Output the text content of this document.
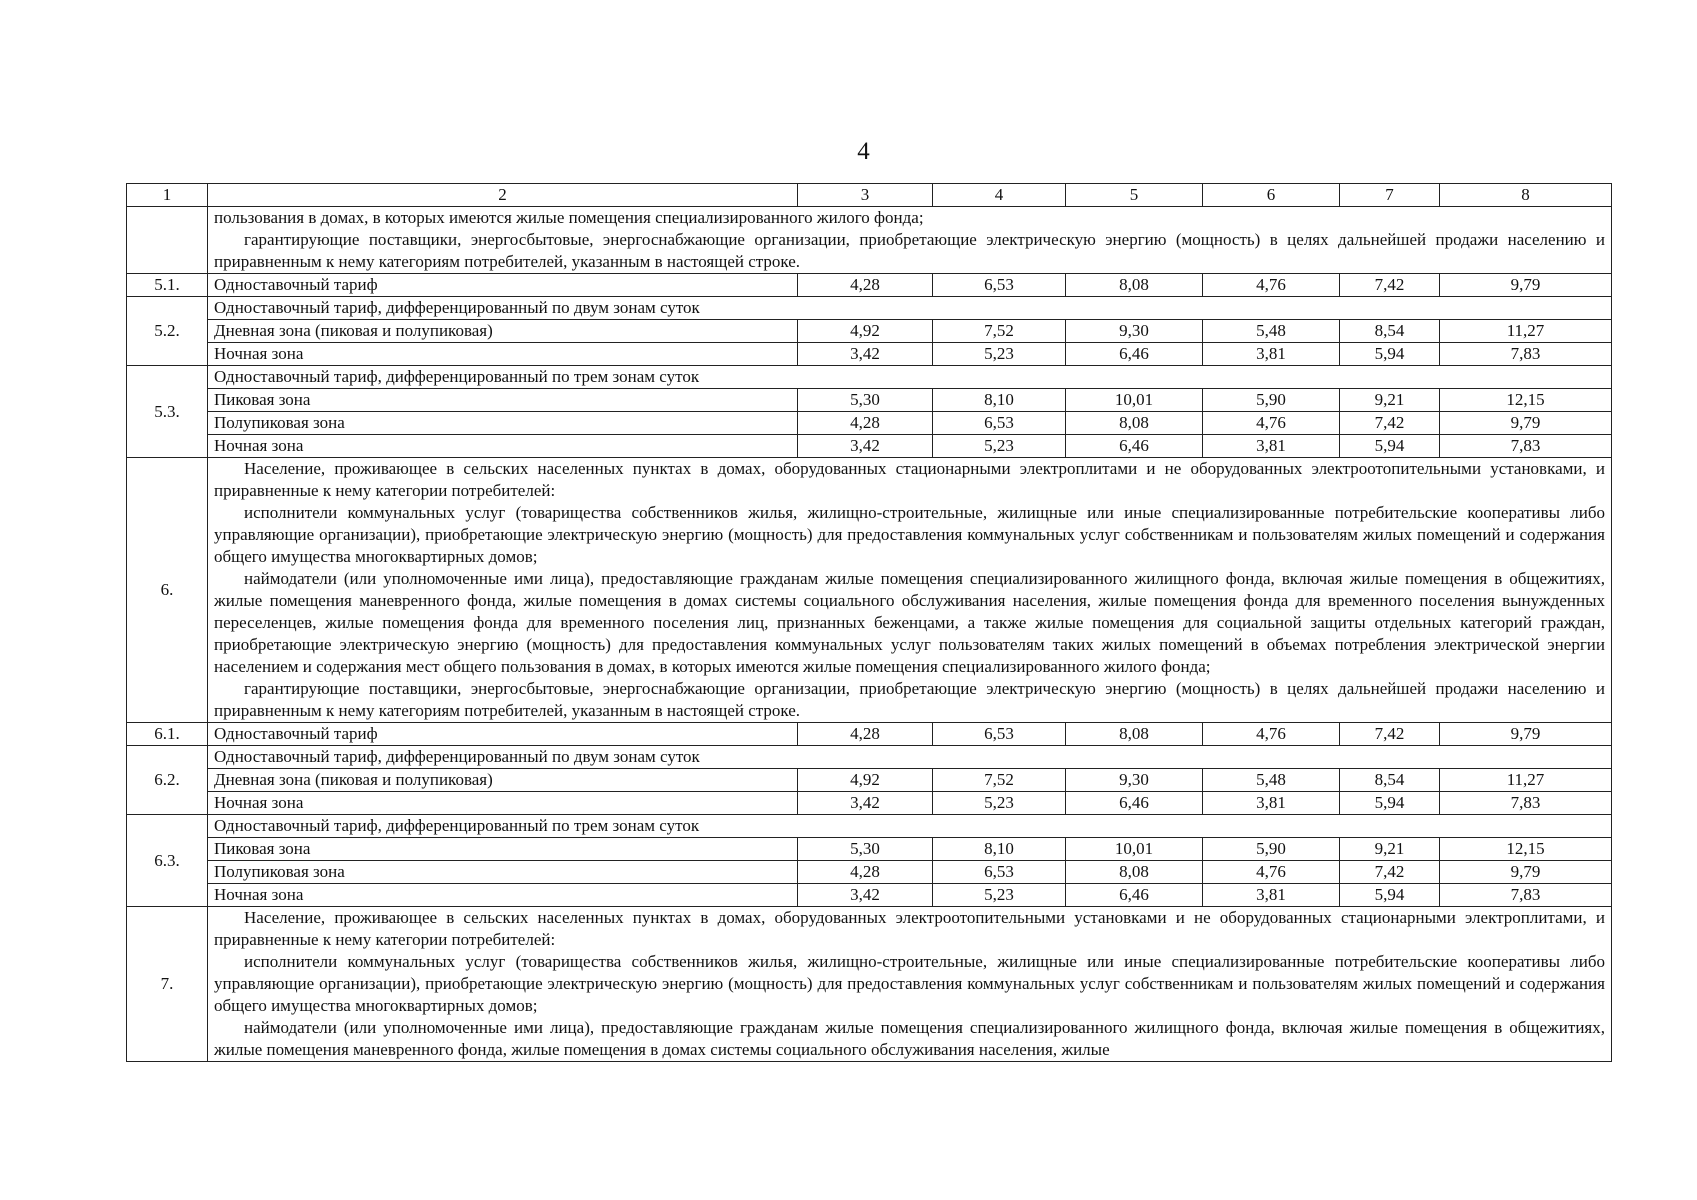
4
1	2	3	4	5	6	7	8

	пользования в домах, в которых имеются жилые помещения специализированного жилого фонда;

гарантирующие поставщики, энергосбытовые, энергоснабжающие организации, приобретающие электрическую энергию (мощность) в целях дальнейшей продажи населению и приравненным к нему категориям потребителей, указанным в настоящей строке.						

5.1.	Одноставочный тариф	4,28	6,53	8,08	4,76	7,42	9,79
5.2.	Одноставочный тариф, дифференцированный по двум зонам суток						
	Дневная зона (пиковая и полупиковая)	4,92	7,52	9,30	5,48	8,54	11,27
	Ночная зона	3,42	5,23	6,46	3,81	5,94	7,83
5.3.	Одноставочный тариф, дифференцированный по трем зонам суток						
	Пиковая зона	5,30	8,10	10,01	5,90	9,21	12,15
	Полупиковая зона	4,28	6,53	8,08	4,76	7,42	9,79
	Ночная зона	3,42	5,23	6,46	3,81	5,94	7,83
6.	Население, проживающее в сельских населенных пунктах в домах, оборудованных стационарными электроплитами и не оборудованных электроотопительными установками, и приравненные к нему категории потребителей:

исполнители коммунальных услуг (товарищества собственников жилья, жилищно-строительные, жилищные или иные специализированные потребительские кооперативы либо управляющие организации), приобретающие электрическую энергию (мощность) для предоставления коммунальных услуг собственникам и пользователям жилых помещений и содержания общего имущества многоквартирных домов;

наймодатели (или уполномоченные ими лица), предоставляющие гражданам жилые помещения специализированного жилищного фонда, включая жилые помещения в общежитиях, жилые помещения маневренного фонда, жилые помещения в домах системы социального обслуживания населения, жилые помещения фонда для временного поселения вынужденных переселенцев, жилые помещения фонда для временного поселения лиц, признанных беженцами, а также жилые помещения для социальной защиты отдельных категорий граждан, приобретающие электрическую энергию (мощность) для предоставления коммунальных услуг пользователям таких жилых помещений в объемах потребления электрической энергии населением и содержания мест общего пользования в домах, в которых имеются жилые помещения специализированного жилого фонда;

гарантирующие поставщики, энергосбытовые, энергоснабжающие организации, приобретающие электрическую энергию (мощность) в целях дальнейшей продажи населению и приравненным к нему категориям потребителей, указанным в настоящей строке.						

6.1.	Одноставочный тариф	4,28	6,53	8,08	4,76	7,42	9,79
6.2.	Одноставочный тариф, дифференцированный по двум зонам суток						
	Дневная зона (пиковая и полупиковая)	4,92	7,52	9,30	5,48	8,54	11,27
	Ночная зона	3,42	5,23	6,46	3,81	5,94	7,83
6.3.	Одноставочный тариф, дифференцированный по трем зонам суток						
	Пиковая зона	5,30	8,10	10,01	5,90	9,21	12,15
	Полупиковая зона	4,28	6,53	8,08	4,76	7,42	9,79
	Ночная зона	3,42	5,23	6,46	3,81	5,94	7,83
7.	Население, проживающее в сельских населенных пунктах в домах, оборудованных электроотопительными установками и не оборудованных стационарными электроплитами, и приравненные к нему категории потребителей:

исполнители коммунальных услуг (товарищества собственников жилья, жилищно-строительные, жилищные или иные специализированные потребительские кооперативы либо управляющие организации), приобретающие электрическую энергию (мощность) для предоставления коммунальных услуг собственникам и пользователям жилых помещений и содержания общего имущества многоквартирных домов;

наймодатели (или уполномоченные ими лица), предоставляющие гражданам жилые помещения специализированного жилищного фонда, включая жилые помещения в общежитиях, жилые помещения маневренного фонда, жилые помещения в домах системы социального обслуживания населения, жилые						
